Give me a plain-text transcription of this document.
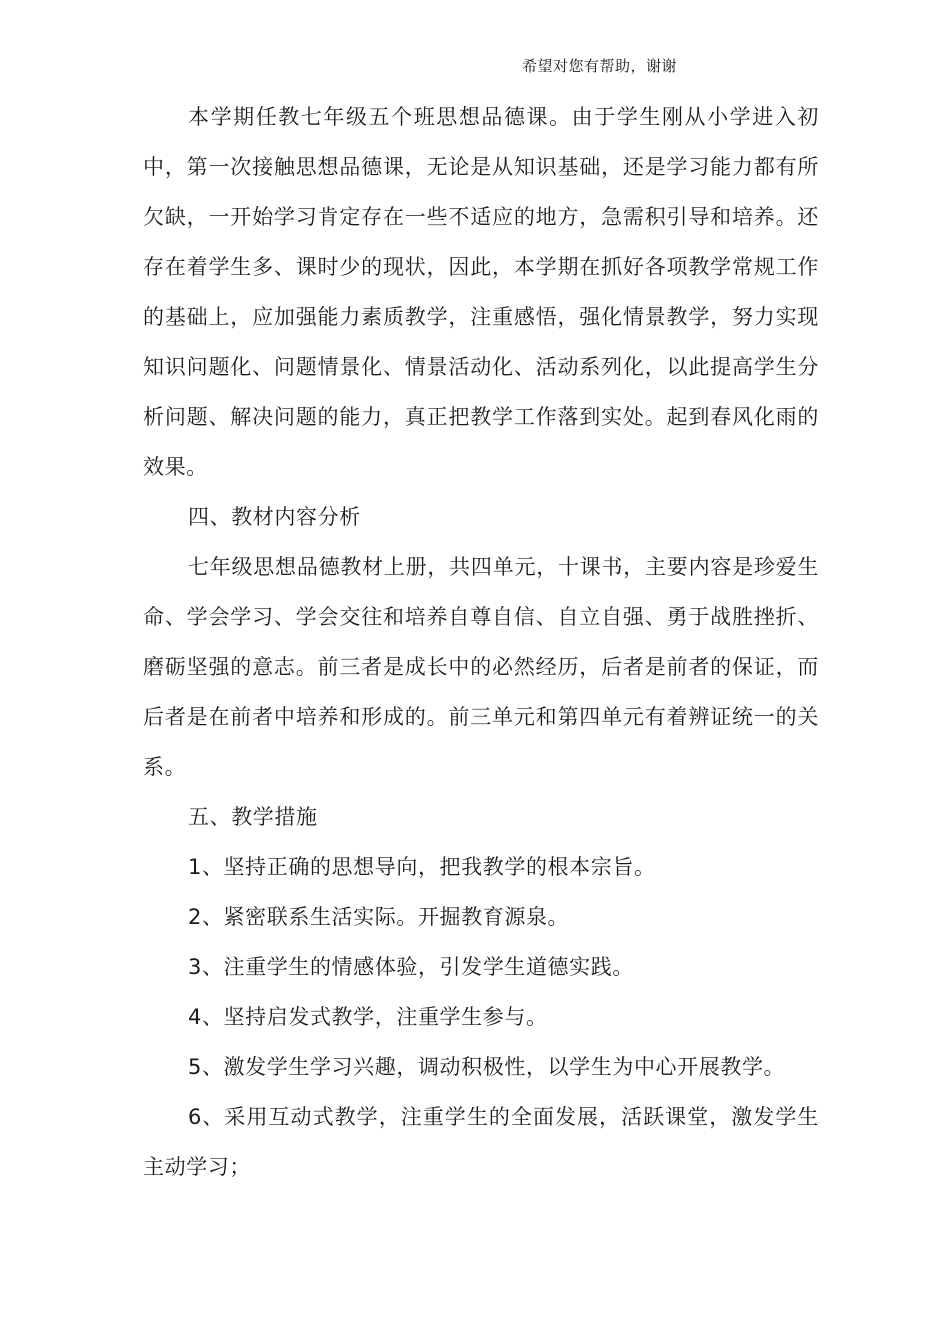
希望对您有帮助，谢谢

本学期任教七年级五个班思想品德课。由于学生刚从小学进入初中，第一次接触思想品德课，无论是从知识基础，还是学习能力都有所欠缺，一开始学习肯定存在一些不适应的地方，急需积引导和培养。还存在着学生多、课时少的现状，因此，本学期在抓好各项教学常规工作的基础上，应加强能力素质教学，注重感悟，强化情景教学，努力实现知识问题化、问题情景化、情景活动化、活动系列化，以此提高学生分析问题、解决问题的能力，真正把教学工作落到实处。起到春风化雨的效果。

四、教材内容分析

七年级思想品德教材上册，共四单元，十课书，主要内容是珍爱生命、学会学习、学会交往和培养自尊自信、自立自强、勇于战胜挫折、磨砺坚强的意志。前三者是成长中的必然经历，后者是前者的保证，而后者是在前者中培养和形成的。前三单元和第四单元有着辨证统一的关系。

五、教学措施

1、坚持正确的思想导向，把我教学的根本宗旨。

2、紧密联系生活实际。开掘教育源泉。

3、注重学生的情感体验，引发学生道德实践。

4、坚持启发式教学，注重学生参与。

5、激发学生学习兴趣，调动积极性，以学生为中心开展教学。

6、采用互动式教学，注重学生的全面发展，活跃课堂，激发学生主动学习；
